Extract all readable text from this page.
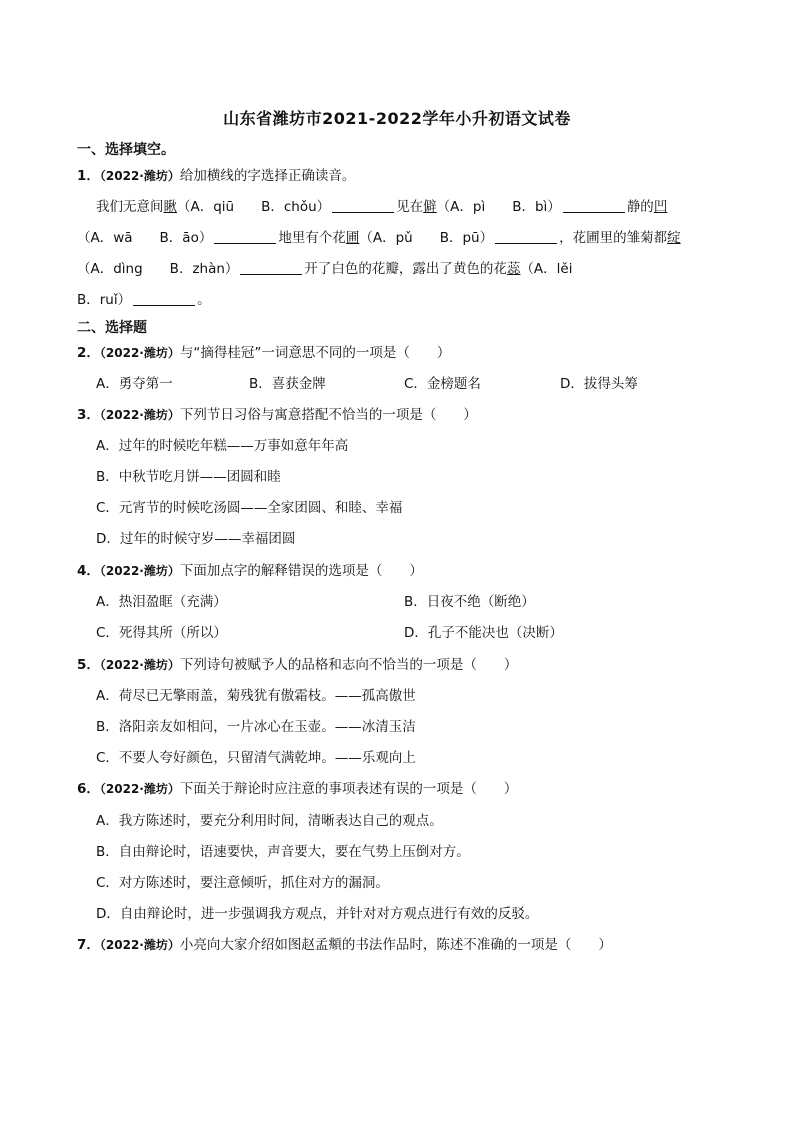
山东省潍坊市2021-2022学年小升初语文试卷
一、选择填空。
1．（2022·潍坊）给加横线的字选择正确读音。
我们无意间瞅（A．qiū　　B．chǒu）	见在僻（A．pì　　B．bì）	静的凹
（A．wā　　B．āo）	地里有个花圃（A．pǔ　　B．pū）	，花圃里的雏菊都绽
（A．dìng　　B．zhàn）	开了白色的花瓣，露出了黄色的花蕊（A．lěi
B．ruǐ）	。
二、选择题
2．（2022·潍坊）与“摘得桂冠”一词意思不同的一项是（　　）
A．勇夺第一	B．喜获金牌	C．金榜题名	D．拔得头筹
3．（2022·潍坊）下列节日习俗与寓意搭配不恰当的一项是（　　）
A．过年的时候吃年糕——万事如意年年高
B．中秋节吃月饼——团圆和睦
C．元宵节的时候吃汤圆——全家团圆、和睦、幸福
D．过年的时候守岁——幸福团圆
4．（2022·潍坊）下面加点字的解释错误的选项是（　　）
A．热泪盈眶（充满）	B．日夜不绝（断绝）
C．死得其所（所以）	D．孔子不能决也（决断）
5．（2022·潍坊）下列诗句被赋予人的品格和志向不恰当的一项是（　　）
A．荷尽已无擎雨盖，菊残犹有傲霜枝。——孤高傲世
B．洛阳亲友如相问，一片冰心在玉壶。——冰清玉洁
C．不要人夸好颜色，只留清气满乾坤。——乐观向上
6．（2022·潍坊）下面关于辩论时应注意的事项表述有误的一项是（　　）
A．我方陈述时，要充分利用时间，清晰表达自己的观点。
B．自由辩论时，语速要快，声音要大，要在气势上压倒对方。
C．对方陈述时，要注意倾听，抓住对方的漏洞。
D．自由辩论时，进一步强调我方观点，并针对对方观点进行有效的反驳。
7．（2022·潍坊）小亮向大家介绍如图赵孟頫的书法作品时，陈述不准确的一项是（　　）
